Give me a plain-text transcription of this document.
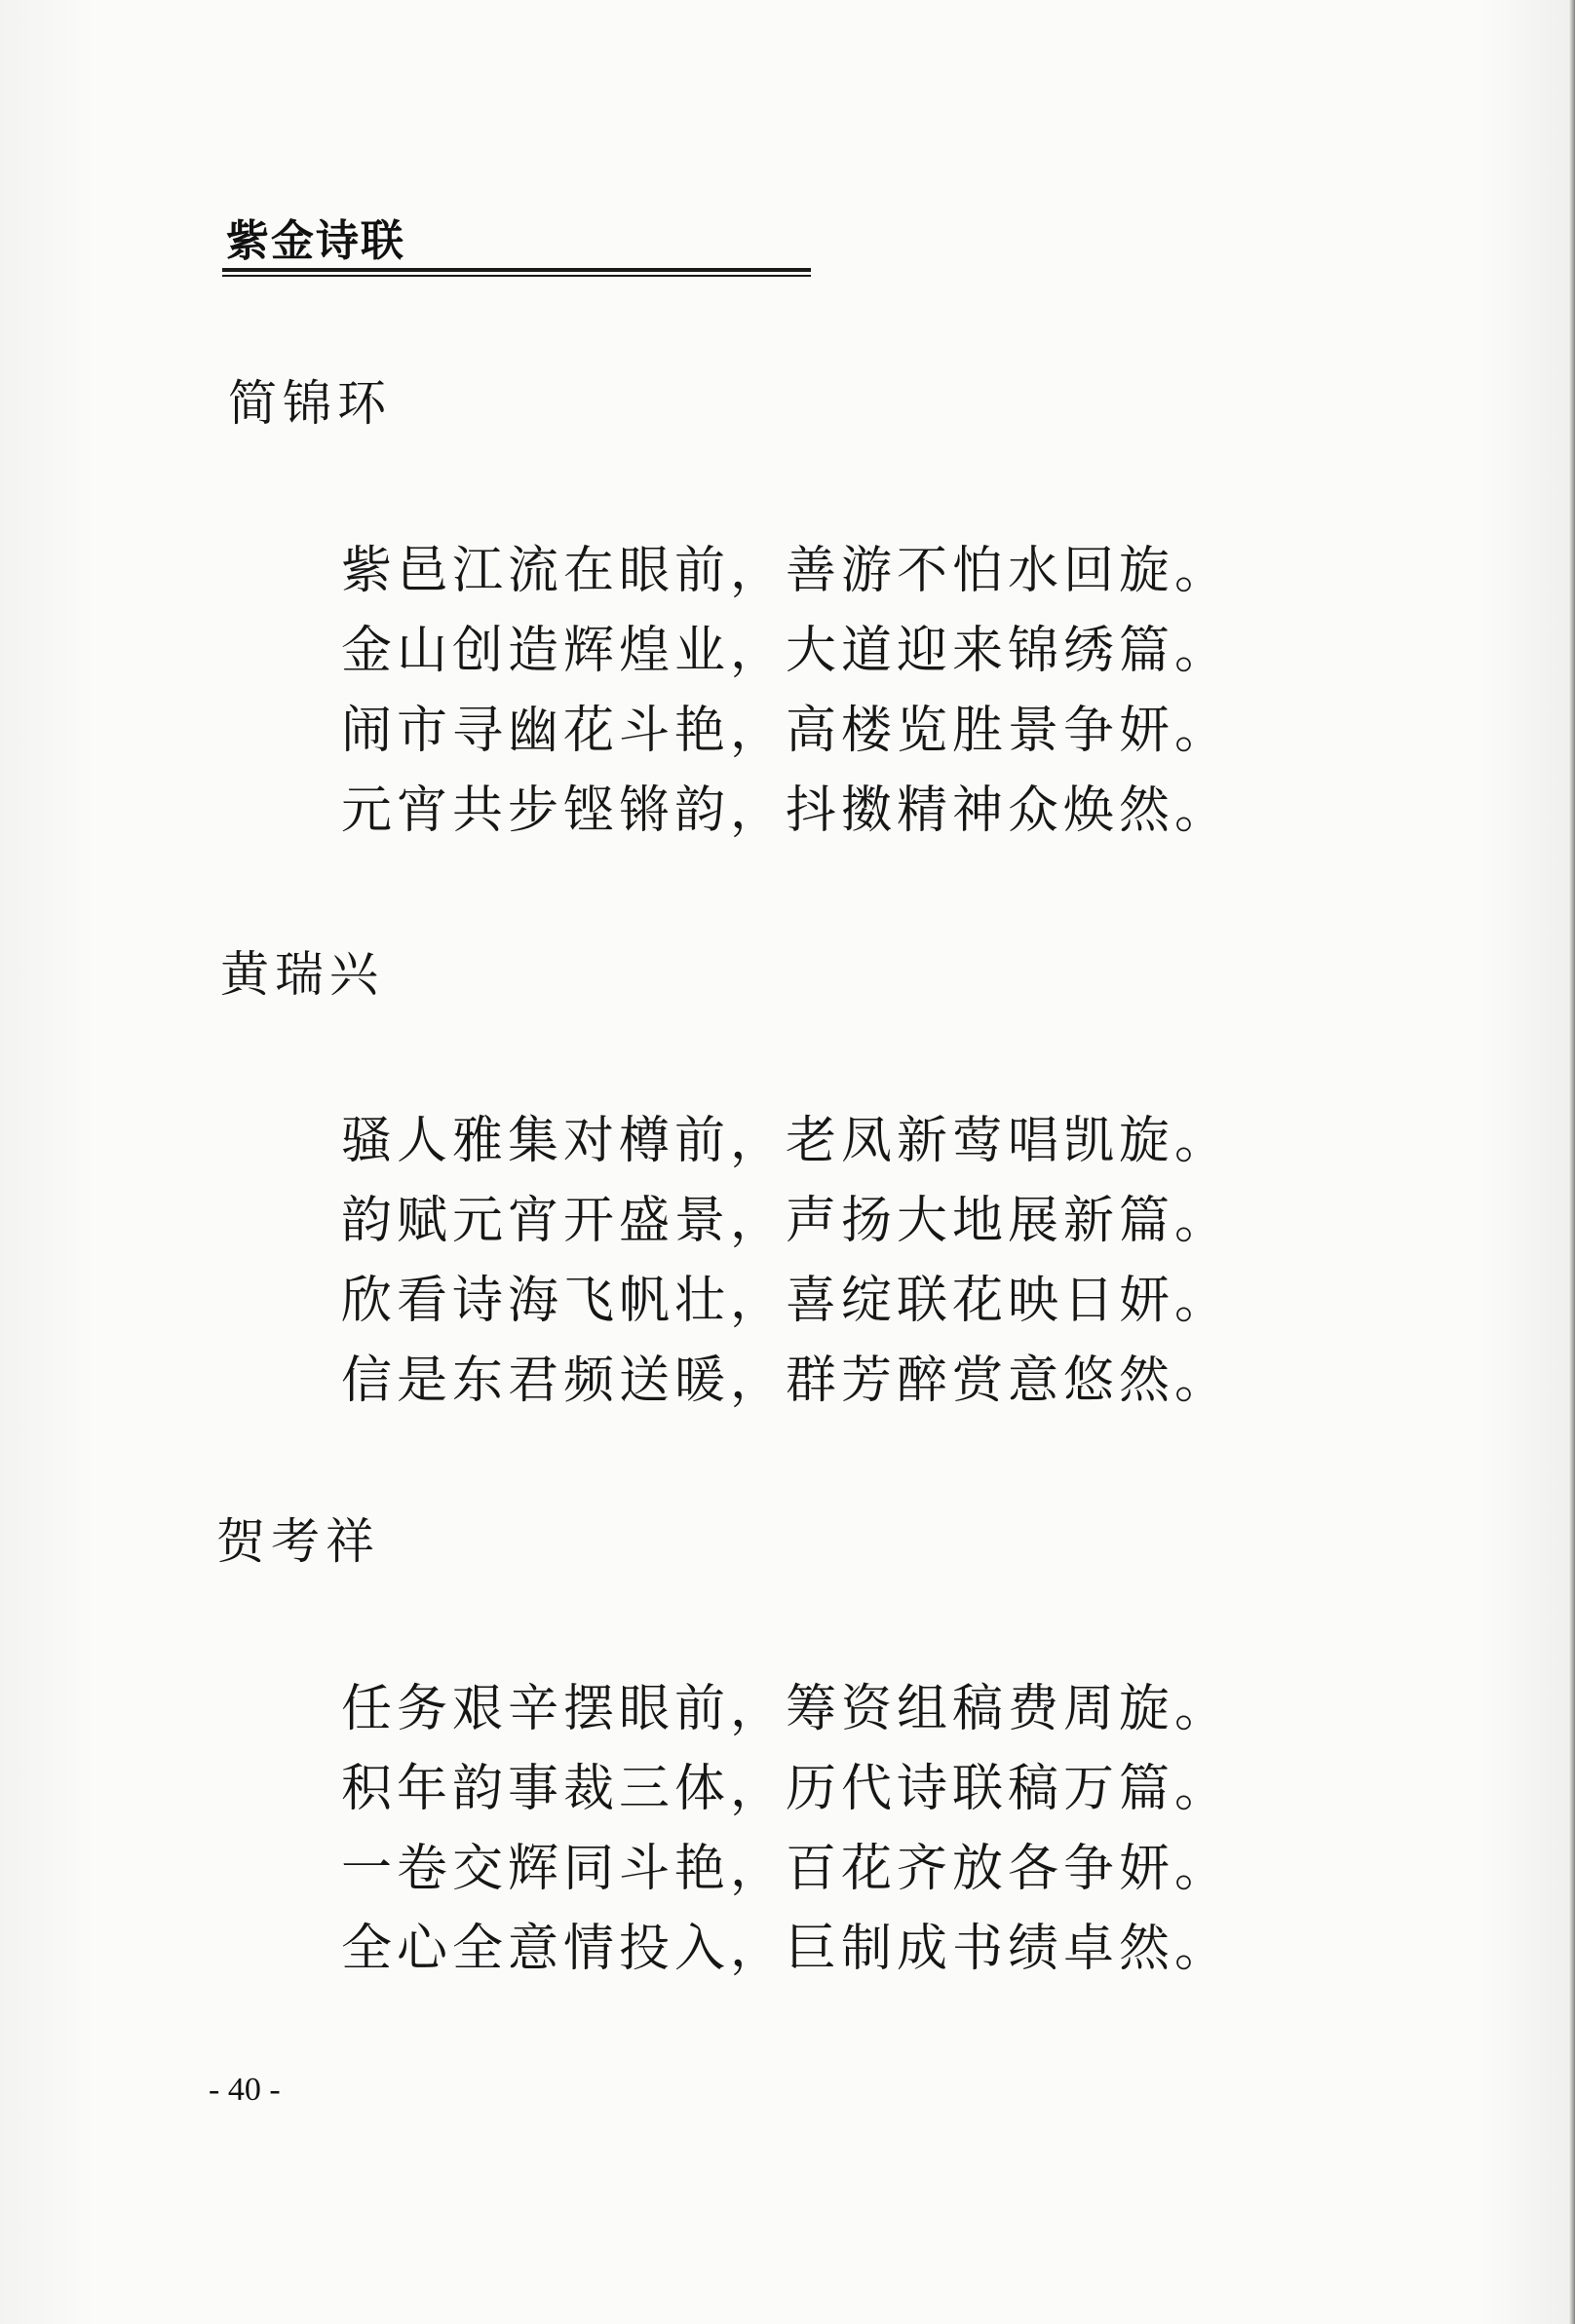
紫金诗联
简锦环
紫邑江流在眼前，善游不怕水回旋。
金山创造辉煌业，大道迎来锦绣篇。
闹市寻幽花斗艳，高楼览胜景争妍。
元宵共步铿锵韵，抖擞精神众焕然。
黄瑞兴
骚人雅集对樽前，老凤新莺唱凯旋。
韵赋元宵开盛景，声扬大地展新篇。
欣看诗海飞帆壮，喜绽联花映日妍。
信是东君频送暖，群芳醉赏意悠然。
贺考祥
任务艰辛摆眼前，筹资组稿费周旋。
积年韵事裁三体，历代诗联稿万篇。
一卷交辉同斗艳，百花齐放各争妍。
全心全意情投入，巨制成书绩卓然。
- 40 -
